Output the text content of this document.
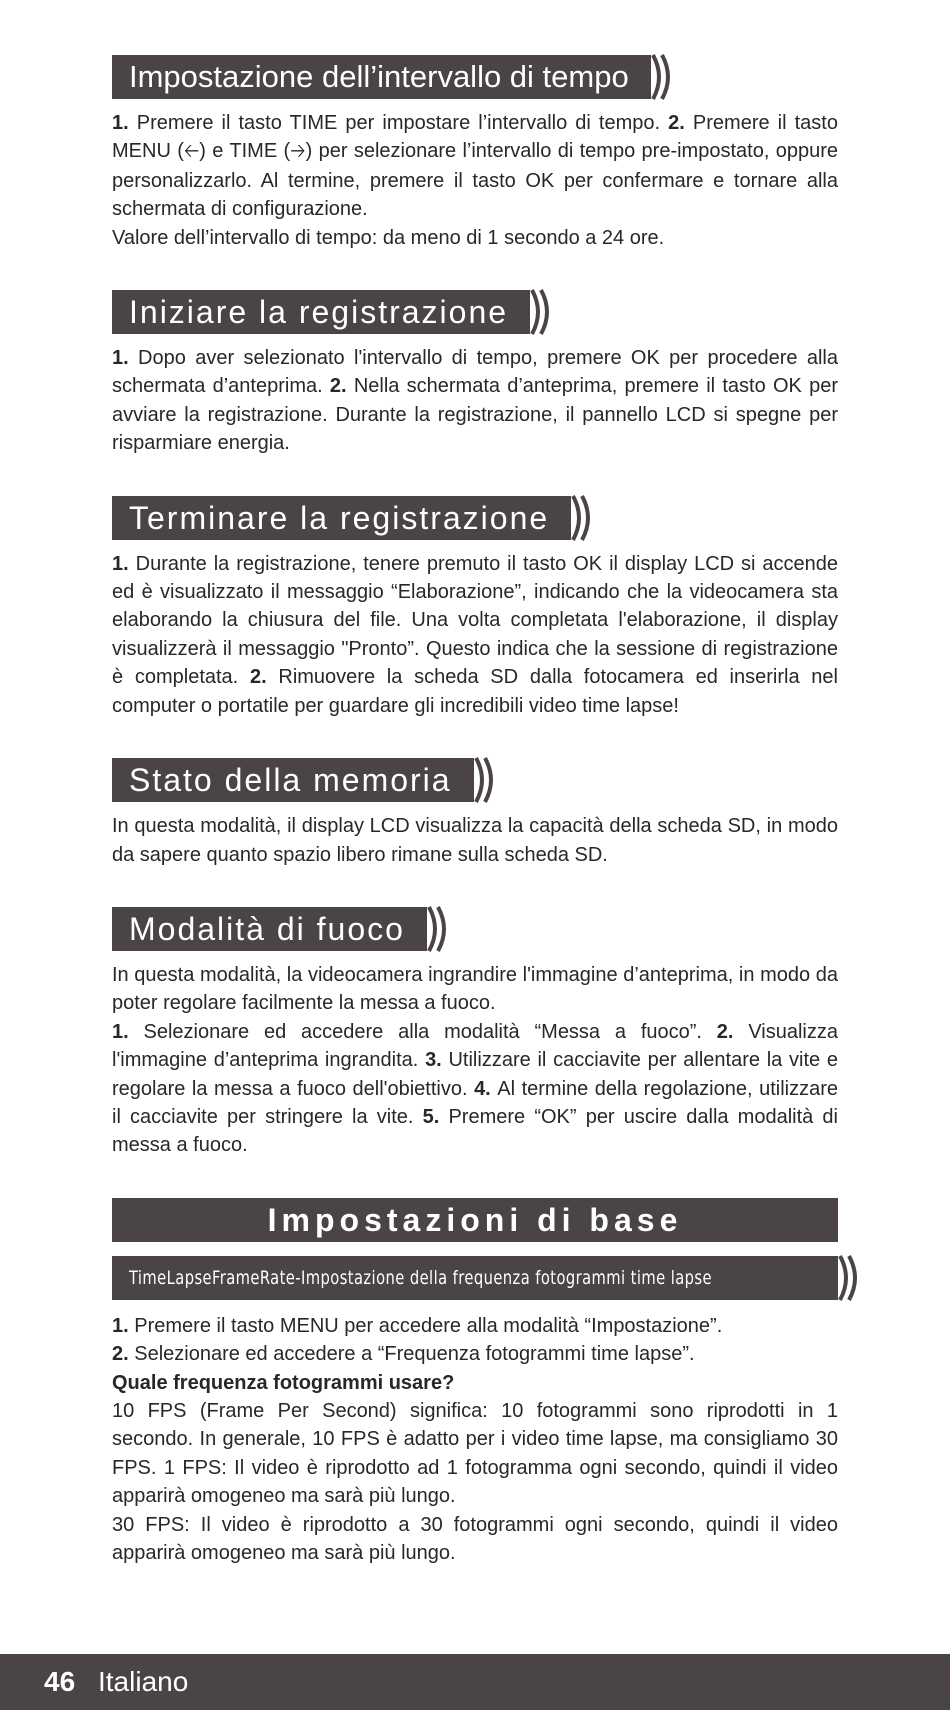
Impostazione dell’intervallo di tempo

1. Premere il tasto TIME per impostare l’intervallo di tempo. 2. Premere il tasto MENU (🡠) e TIME (🡢) per selezionare l’intervallo di tempo pre-impostato, oppure personalizzarlo. Al termine, premere il tasto OK per confermare e tornare alla schermata di configurazione.
Valore dell’intervallo di tempo: da meno di 1 secondo a 24 ore.

Iniziare la registrazione

1. Dopo aver selezionato l'intervallo di tempo, premere OK per procedere alla schermata d’anteprima. 2. Nella schermata d’anteprima, premere il tasto OK per avviare la registrazione. Durante la registrazione, il pannello LCD si spegne per risparmiare energia.

Terminare la registrazione

1. Durante la registrazione, tenere premuto il tasto OK il display LCD si accende ed è visualizzato il messaggio “Elaborazione”, indicando che la videocamera sta elaborando la chiusura del file. Una volta completata l'elaborazione, il display visualizzerà il messaggio "Pronto”. Questo indica che la sessione di registrazione è completata. 2. Rimuovere la scheda SD dalla fotocamera ed inserirla nel computer o portatile per guardare gli incredibili video time lapse!

Stato della memoria

In questa modalità, il display LCD visualizza la capacità della scheda SD, in modo da sapere quanto spazio libero rimane sulla scheda SD.

Modalità di fuoco

In questa modalità, la videocamera ingrandire l'immagine d’anteprima, in modo da poter regolare facilmente la messa a fuoco.
1. Selezionare ed accedere alla modalità “Messa a fuoco”. 2. Visualizza l'immagine d’anteprima ingrandita. 3. Utilizzare il cacciavite per allentare la vite e regolare la messa a fuoco dell'obiettivo. 4. Al termine della regolazione, utilizzare il cacciavite per stringere la vite. 5. Premere “OK” per uscire dalla modalità di messa a fuoco.

Impostazioni di base
TimeLapseFrameRate-Impostazione della frequenza fotogrammi time lapse

1. Premere il tasto MENU per accedere alla modalità “Impostazione”.
2. Selezionare ed accedere a “Frequenza fotogrammi time lapse”.
Quale frequenza fotogrammi usare?
10 FPS (Frame Per Second) significa: 10 fotogrammi sono riprodotti in 1 secondo. In generale, 10 FPS è adatto per i video time lapse, ma consigliamo 30 FPS. 1 FPS: Il video è riprodotto ad 1 fotogramma ogni secondo, quindi il video apparirà omogeneo ma sarà più lungo.
30 FPS: Il video è riprodotto a 30 fotogrammi ogni secondo, quindi il video apparirà omogeneo ma sarà più lungo.

46 Italiano
